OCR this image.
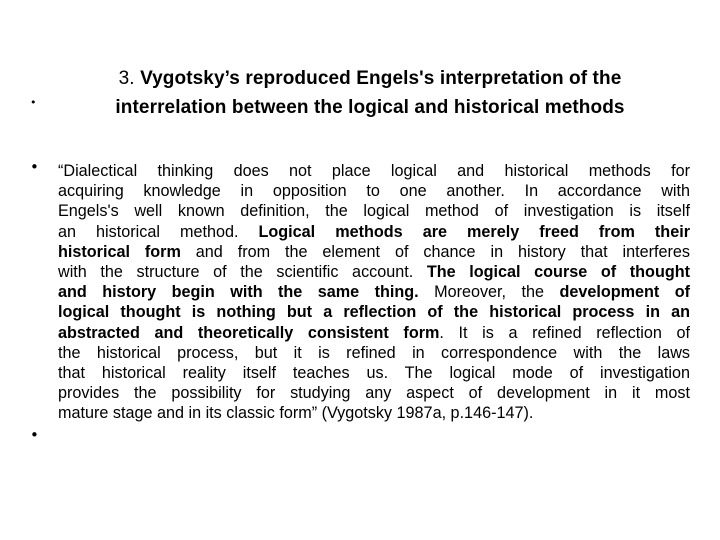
•
3. Vygotsky’s reproduced Engels's interpretation of the
interrelation between the logical and historical methods
• “Dialectical thinking does not place logical and historical methods for
acquiring knowledge in opposition to one another. In accordance with
Engels's well known definition, the logical method of investigation is itself
an historical method. Logical methods are merely freed from their
historical form and from the element of chance in history that interferes
with the structure of the scientific account. The logical course of thought
and history begin with the same thing. Moreover, the development of
logical thought is nothing but a reflection of the historical process in an
abstracted and theoretically consistent form. It is a refined reflection of
the historical process, but it is refined in correspondence with the laws
that historical reality itself teaches us. The logical mode of investigation
provides the possibility for studying any aspect of development in it most
mature stage and in its classic form” (Vygotsky 1987a, p.146-147).
•
